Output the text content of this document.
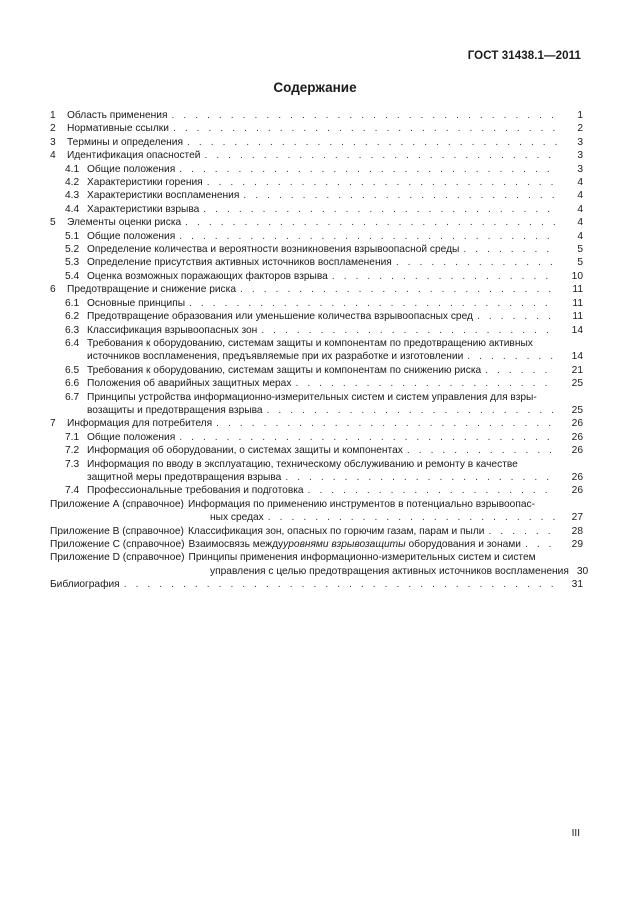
ГОСТ 31438.1—2011
Содержание
1	Область применения . . .	1
2	Нормативные ссылки . . .	2
3	Термины и определения . . .	3
4	Идентификация опасностей . . .	3
4.1 Общие положения . . .	3
4.2 Характеристики горения . . .	4
4.3 Характеристики воспламенения . . .	4
4.4 Характеристики взрыва . . .	4
5	Элементы оценки риска . . .	4
5.1 Общие положения . . .	4
5.2 Определение количества и вероятности возникновения взрывоопасной среды . . .	5
5.3 Определение присутствия активных источников воспламенения . . .	5
5.4 Оценка возможных поражающих факторов взрыва . . .	10
6	Предотвращение и снижение риска . . .	11
6.1 Основные принципы . . .	11
6.2 Предотвращение образования или уменьшение количества взрывоопасных сред . . .	11
6.3 Классификация взрывоопасных зон . . .	14
6.4 Требования к оборудованию, системам защиты и компонентам по предотвращению активных
источников воспламенения, предъявляемые при их разработке и изготовлении . . .	14
6.5 Требования к оборудованию, системам защиты и компонентам по снижению риска . . .	21
6.6 Положения об аварийных защитных мерах . . .	25
6.7 Принципы устройства информационно-измерительных систем и систем управления для взры-
возащиты и предотвращения взрыва . . .	25
7	Информация для потребителя . . .	26
7.1 Общие положения . . .	26
7.2 Информация об оборудовании, о системах защиты и компонентах . . .	26
7.3 Информация по вводу в эксплуатацию, техническому обслуживанию и ремонту в качестве
защитной меры предотвращения взрыва . . .	26
7.4 Профессиональные требования и подготовка . . .	26
Приложение А (справочное) Информация по применению инструментов в потенциально взрывоопас-
ных средах . . .	27
Приложение В (справочное) Классификация зон, опасных по горючим газам, парам и пыли . . .	28
Приложение С (справочное) Взаимосвязь между уровнями взрывозащиты
оборудования и зонами . . .	29
Приложение D (справочное) Принципы применения информационно-измерительных систем и систем
управления с целью предотвращения активных источников воспламенения 30
Библиография . . .	31
III
